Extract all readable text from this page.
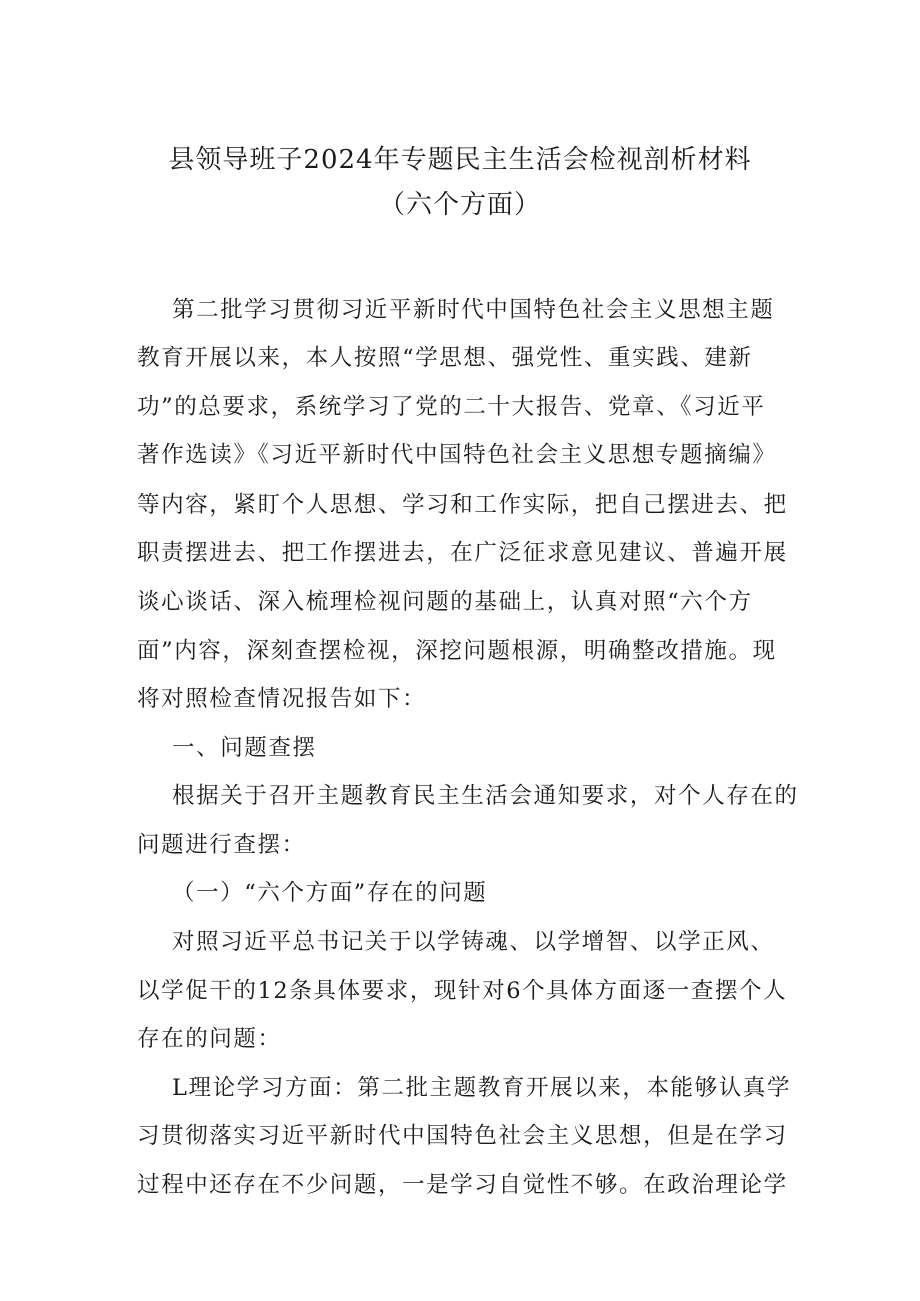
县领导班子2024年专题民主生活会检视剖析材料
（六个方面）
第二批学习贯彻习近平新时代中国特色社会主义思想主题
教育开展以来，本人按照“学思想、强党性、重实践、建新
功”的总要求，系统学习了党的二十大报告、党章、《习近平
著作选读》《习近平新时代中国特色社会主义思想专题摘编》
等内容，紧盯个人思想、学习和工作实际，把自己摆进去、把
职责摆进去、把工作摆进去，在广泛征求意见建议、普遍开展
谈心谈话、深入梳理检视问题的基础上，认真对照“六个方
面”内容，深刻查摆检视，深挖问题根源，明确整改措施。现
将对照检查情况报告如下：
一、问题查摆
根据关于召开主题教育民主生活会通知要求，对个人存在的
问题进行查摆：
（一）“六个方面”存在的问题
对照习近平总书记关于以学铸魂、以学增智、以学正风、
以学促干的12条具体要求，现针对6个具体方面逐一查摆个人
存在的问题：
L理论学习方面：第二批主题教育开展以来，本能够认真学
习贯彻落实习近平新时代中国特色社会主义思想，但是在学习
过程中还存在不少问题，一是学习自觉性不够。在政治理论学
